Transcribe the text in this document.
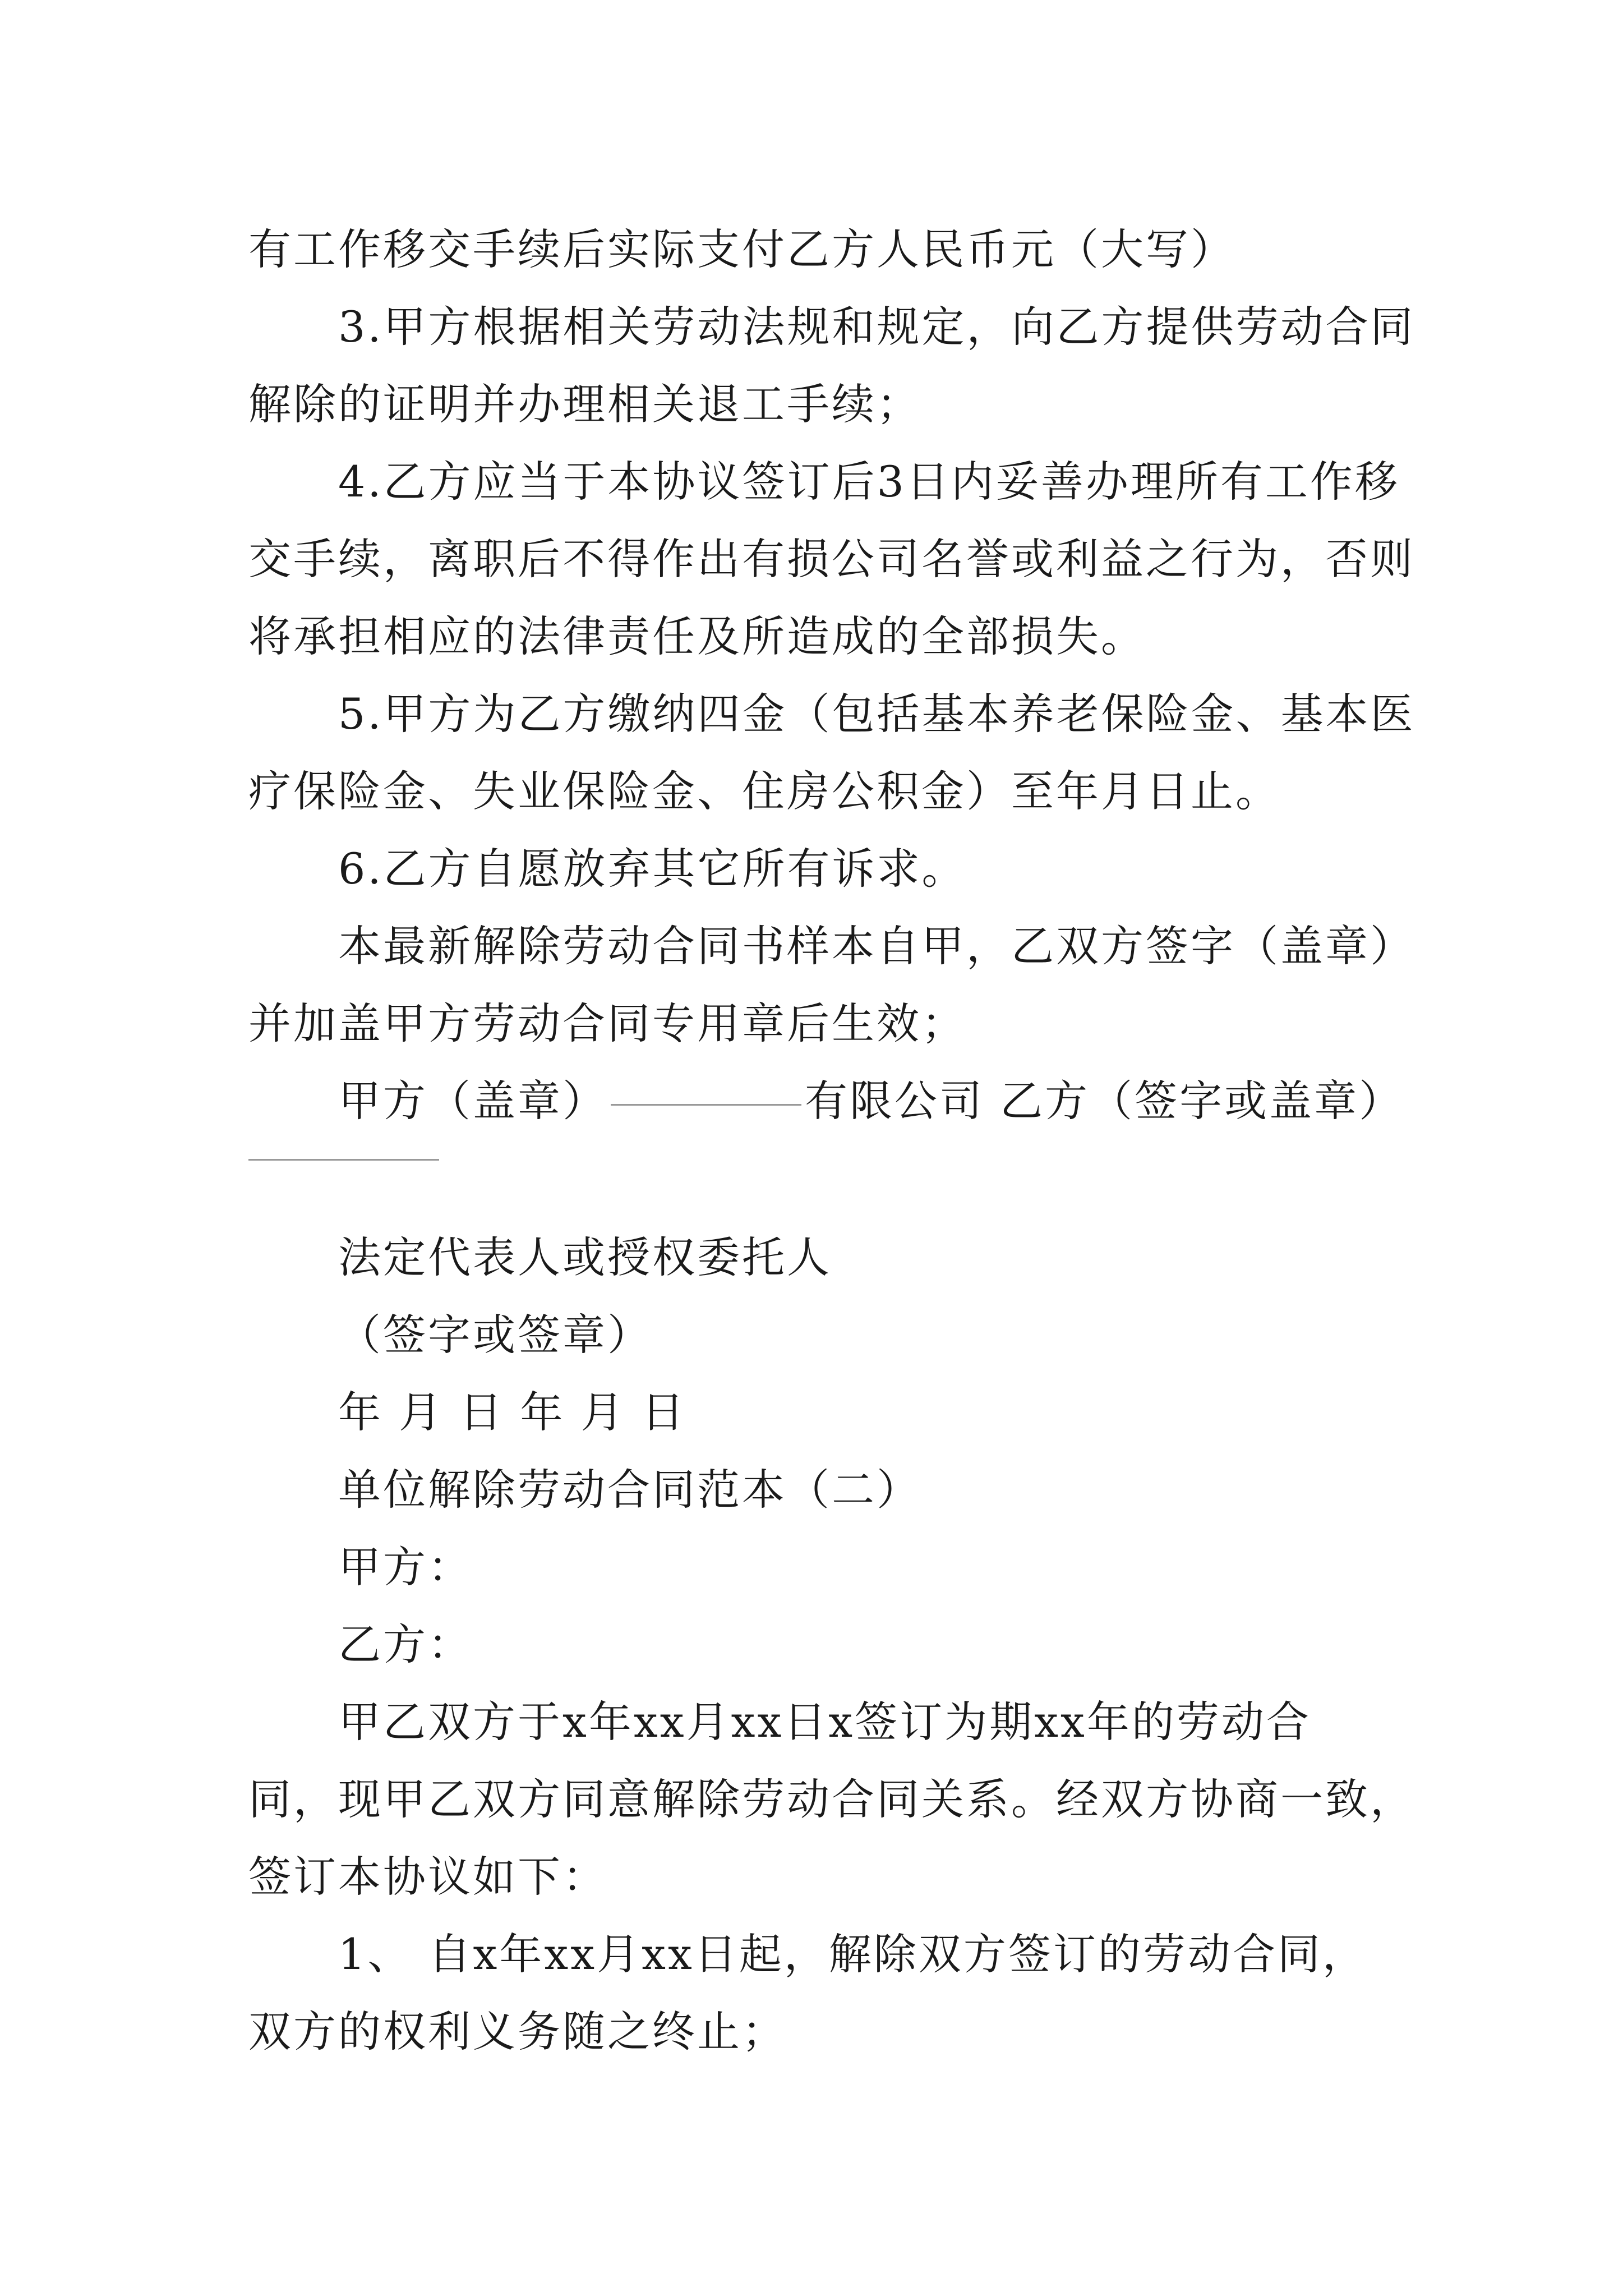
有工作移交手续后实际支付乙方人民币元（大写）
3.甲方根据相关劳动法规和规定，向乙方提供劳动合同
解除的证明并办理相关退工手续；
4.乙方应当于本协议签订后3日内妥善办理所有工作移
交手续，离职后不得作出有损公司名誉或利益之行为，否则
将承担相应的法律责任及所造成的全部损失。
5.甲方为乙方缴纳四金（包括基本养老保险金、基本医
疗保险金、失业保险金、住房公积金）至年月日止。
6.乙方自愿放弃其它所有诉求。
本最新解除劳动合同书样本自甲，乙双方签字（盖章）
并加盖甲方劳动合同专用章后生效；
甲方（盖章）	有限公司 乙方（签字或盖章）
法定代表人或授权委托人
（签字或签章）
年 月 日 年 月 日
单位解除劳动合同范本（二）
甲方：
乙方：
甲乙双方于x年xx月xx日x签订为期xx年的劳动合
同，现甲乙双方同意解除劳动合同关系。经双方协商一致，
签订本协议如下：
1、 自x年xx月xx日起，解除双方签订的劳动合同，
双方的权利义务随之终止；
